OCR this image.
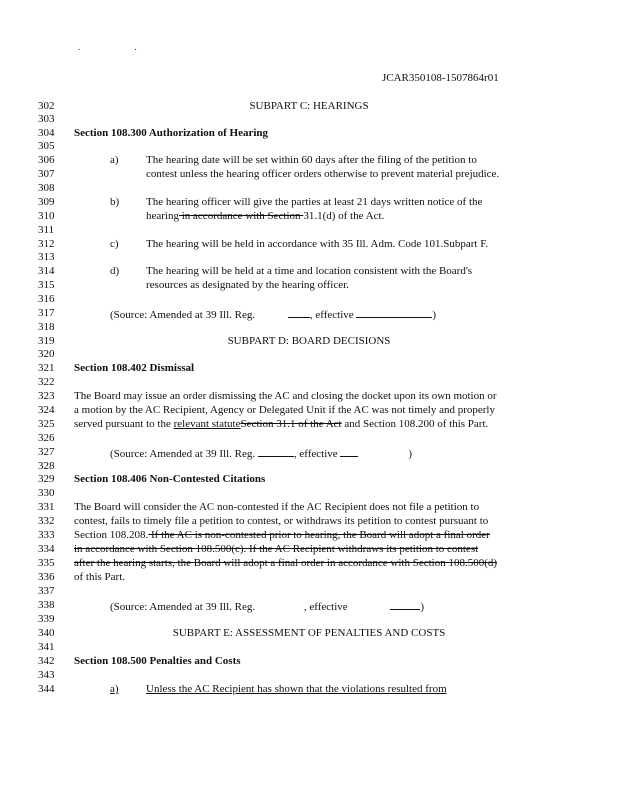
. .
JCAR350108-1507864r01
302
303
304
305
306
307
308
309
310
311
312
313
314
315
316
317
318
319
320
321
322
323
324
325
326
327
328
329
330
331
332
333
334
335
336
337
338
339
340
341
342
343
344
SUBPART C: HEARINGS
Section 108.300 Authorization of Hearing
a) The hearing date will be set within 60 days after the filing of the petition to
contest unless the hearing officer orders otherwise to prevent material prejudice.
b) The hearing officer will give the parties at least 21 days written notice of the
hearing in accordance with Section 31.1(d) of the Act.
c) The hearing will be held in accordance with 35 Ill. Adm. Code 101.Subpart F.
d) The hearing will be held at a time and location consistent with the Board's
resources as designated by the hearing officer.
(Source: Amended at 39 Ill. Reg.	, effective	)
SUBPART D: BOARD DECISIONS
Section 108.402 Dismissal
The Board may issue an order dismissing the AC and closing the docket upon its own motion or
a motion by the AC Recipient, Agency or Delegated Unit if the AC was not timely and properly
served pursuant to the relevant statuteSection 31.1 of the Act and Section 108.200 of this Part.
(Source: Amended at 39 Ill. Reg.	, effective	)
Section 108.406 Non-Contested Citations
The Board will consider the AC non-contested if the AC Recipient does not file a petition to
contest, fails to timely file a petition to contest, or withdraws its petition to contest pursuant to
Section 108.208. If the AC is non-contested prior to hearing, the Board will adopt a final order
in accordance with Section 108.500(c). If the AC Recipient withdraws its petition to contest
after the hearing starts, the Board will adopt a final order in accordance with Section 108.500(d)
of this Part.
(Source: Amended at 39 Ill. Reg.	, effective	)
SUBPART E: ASSESSMENT OF PENALTIES AND COSTS
Section 108.500 Penalties and Costs
a) Unless the AC Recipient has shown that the violations resulted from
